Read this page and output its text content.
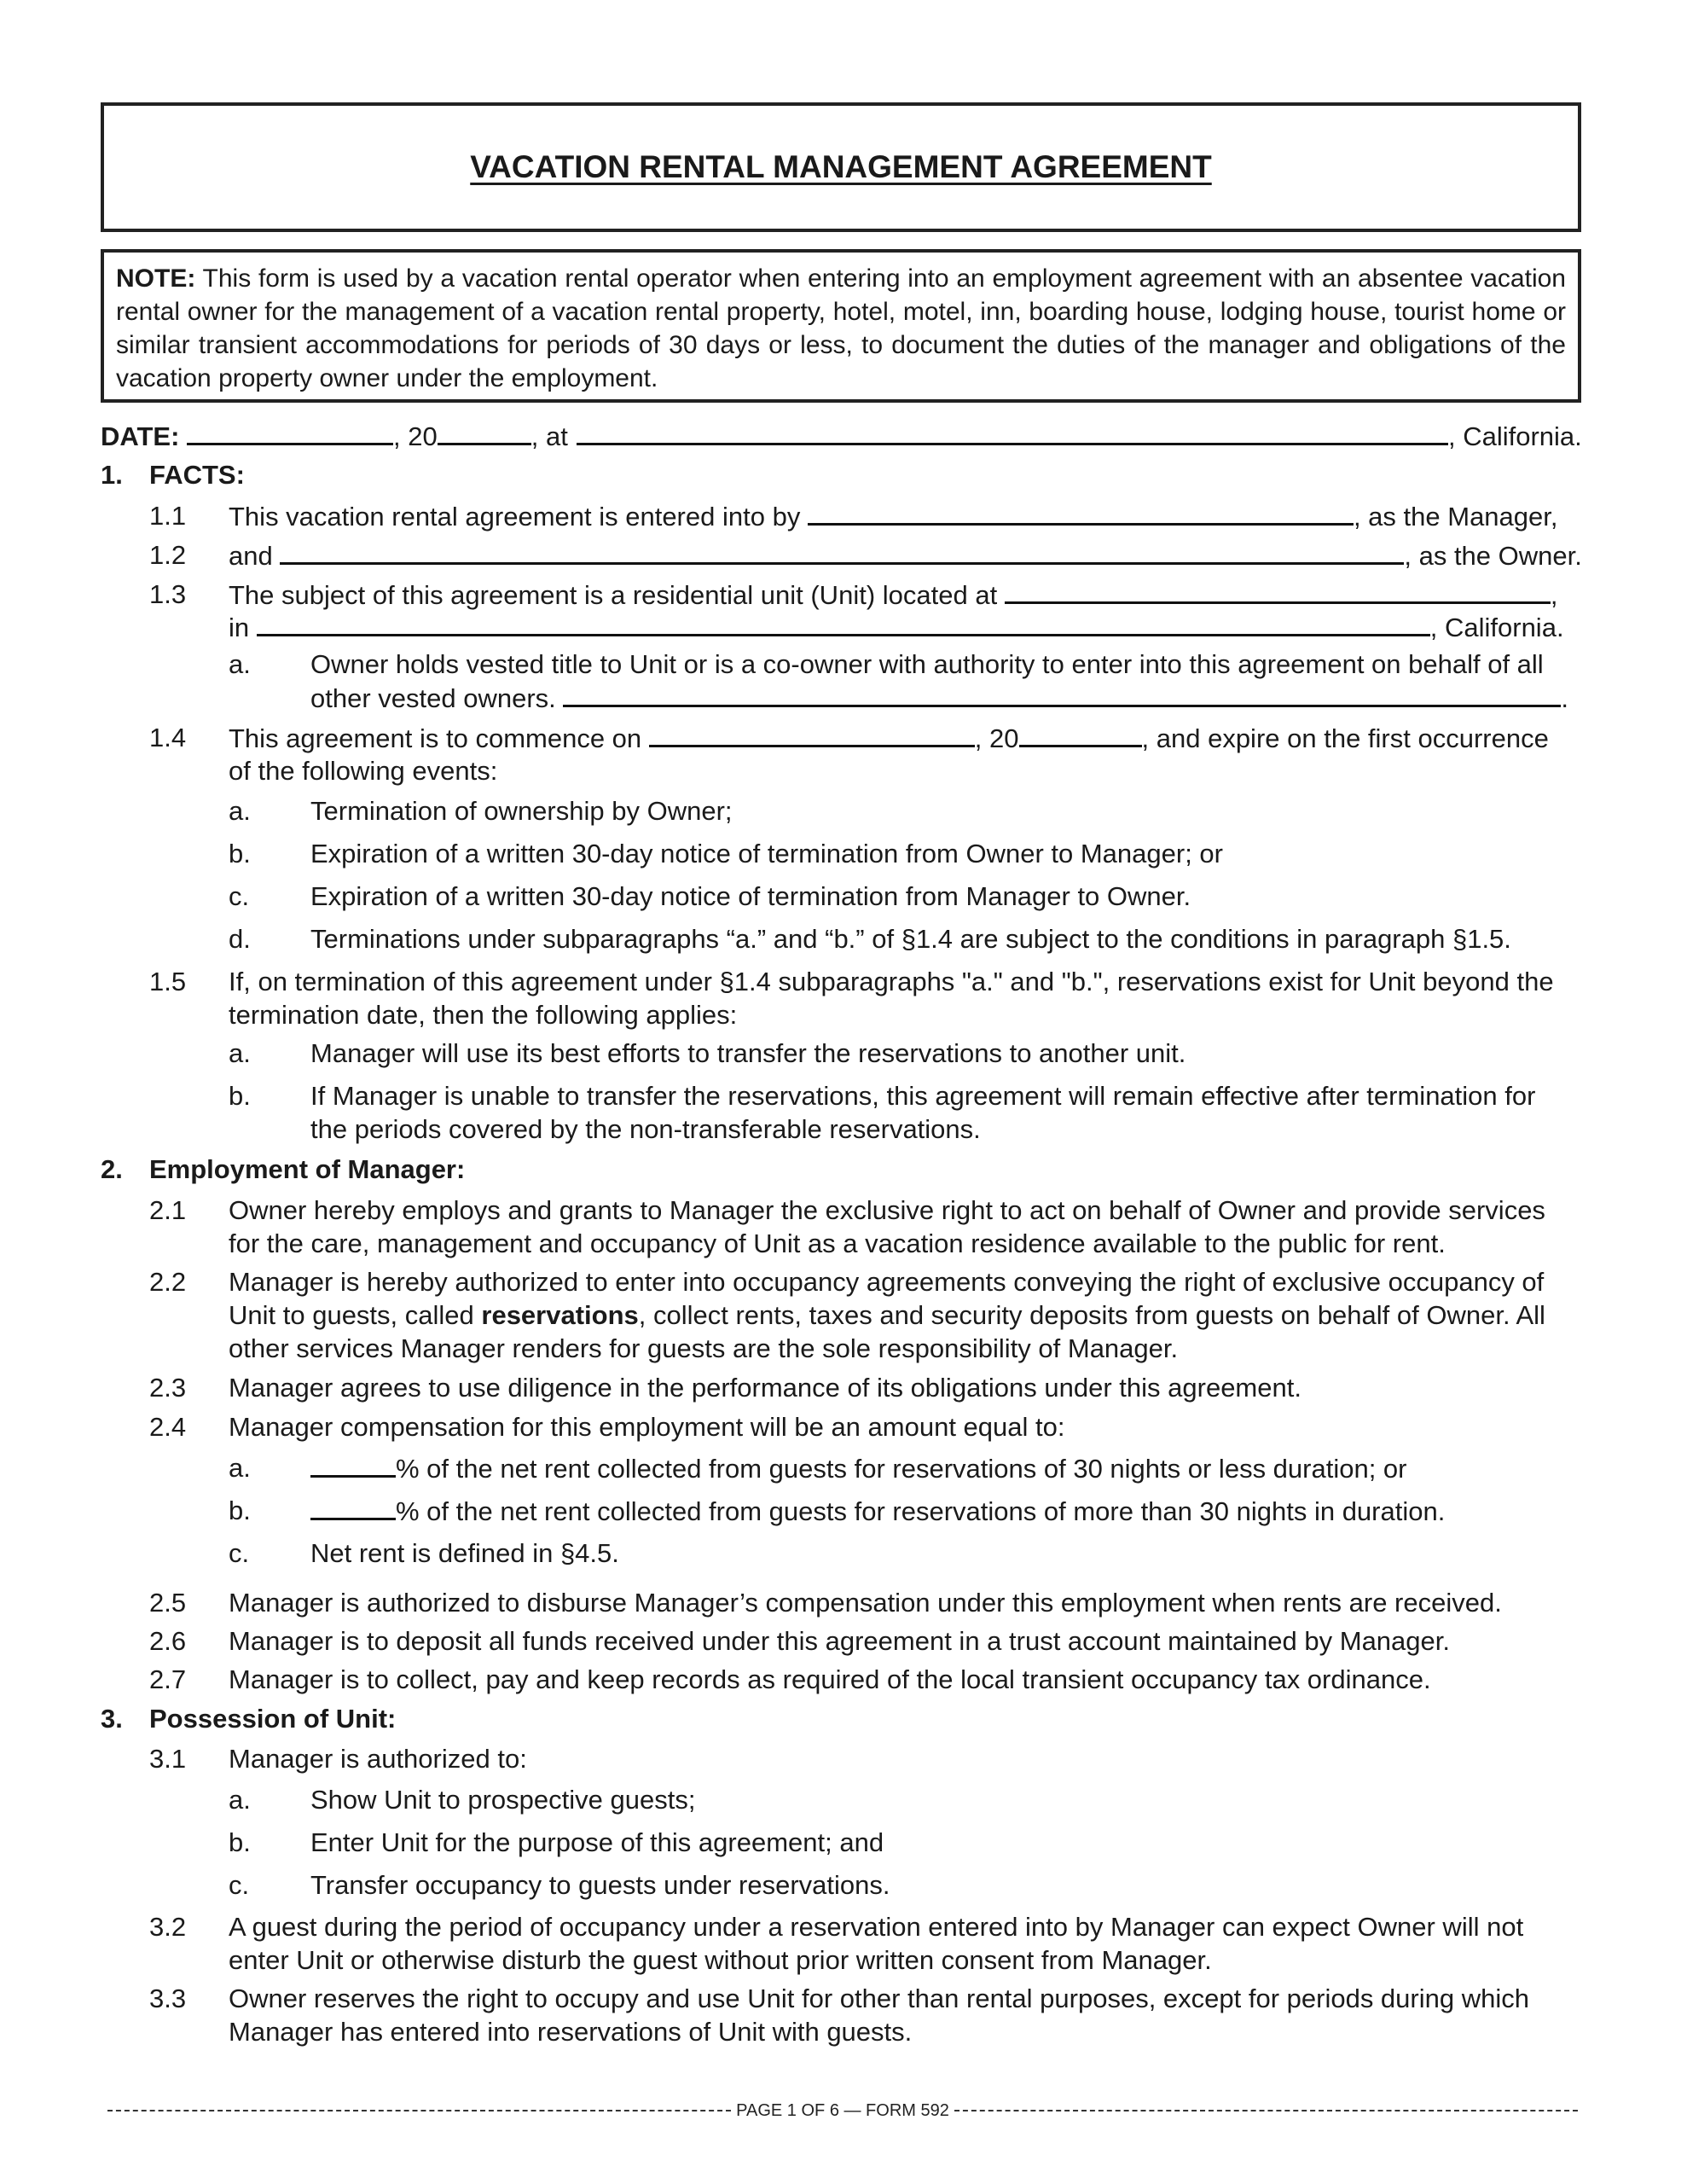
VACATION RENTAL MANAGEMENT AGREEMENT
NOTE: This form is used by a vacation rental operator when entering into an employment agreement with an absentee vacation rental owner for the management of a vacation rental property, hotel, motel, inn, boarding house, lodging house, tourist home or similar transient accommodations for periods of 30 days or less, to document the duties of the manager and obligations of the vacation property owner under the employment.
DATE:	, 20	, at	, California.
1. FACTS:
1.1 This vacation rental agreement is entered into by	, as the Manager,
1.2 and	, as the Owner.
1.3 The subject of this agreement is a residential unit (Unit) located at	,
in	, California.
a. Owner holds vested title to Unit or is a co-owner with authority to enter into this agreement on behalf of all
other vested owners.	.
1.4 This agreement is to commence on	, 20	, and expire on the first occurrence
of the following events:
a. Termination of ownership by Owner;
b. Expiration of a written 30-day notice of termination from Owner to Manager; or
c. Expiration of a written 30-day notice of termination from Manager to Owner.
d. Terminations under subparagraphs “a.” and “b.” of §1.4 are subject to the conditions in paragraph §1.5.
1.5 If, on termination of this agreement under §1.4 subparagraphs "a." and "b.", reservations exist for Unit beyond the
termination date, then the following applies:
a. Manager will use its best efforts to transfer the reservations to another unit.
b. If Manager is unable to transfer the reservations, this agreement will remain effective after termination for
the periods covered by the non-transferable reservations.
2. Employment of Manager:
2.1 Owner hereby employs and grants to Manager the exclusive right to act on behalf of Owner and provide services
for the care, management and occupancy of Unit as a vacation residence available to the public for rent.
2.2 Manager is hereby authorized to enter into occupancy agreements conveying the right of exclusive occupancy of
Unit to guests, called reservations, collect rents, taxes and security deposits from guests on behalf of Owner. All
other services Manager renders for guests are the sole responsibility of Manager.
2.3 Manager agrees to use diligence in the performance of its obligations under this agreement.
2.4 Manager compensation for this employment will be an amount equal to:
a.	% of the net rent collected from guests for reservations of 30 nights or less duration; or
b.	% of the net rent collected from guests for reservations of more than 30 nights in duration.
c. Net rent is defined in §4.5.
2.5 Manager is authorized to disburse Manager’s compensation under this employment when rents are received.
2.6 Manager is to deposit all funds received under this agreement in a trust account maintained by Manager.
2.7 Manager is to collect, pay and keep records as required of the local transient occupancy tax ordinance.
3. Possession of Unit:
3.1 Manager is authorized to:
a. Show Unit to prospective guests;
b. Enter Unit for the purpose of this agreement; and
c. Transfer occupancy to guests under reservations.
3.2 A guest during the period of occupancy under a reservation entered into by Manager can expect Owner will not
enter Unit or otherwise disturb the guest without prior written consent from Manager.
3.3 Owner reserves the right to occupy and use Unit for other than rental purposes, except for periods during which
Manager has entered into reservations of Unit with guests.
PAGE 1 OF 6 — FORM 592
